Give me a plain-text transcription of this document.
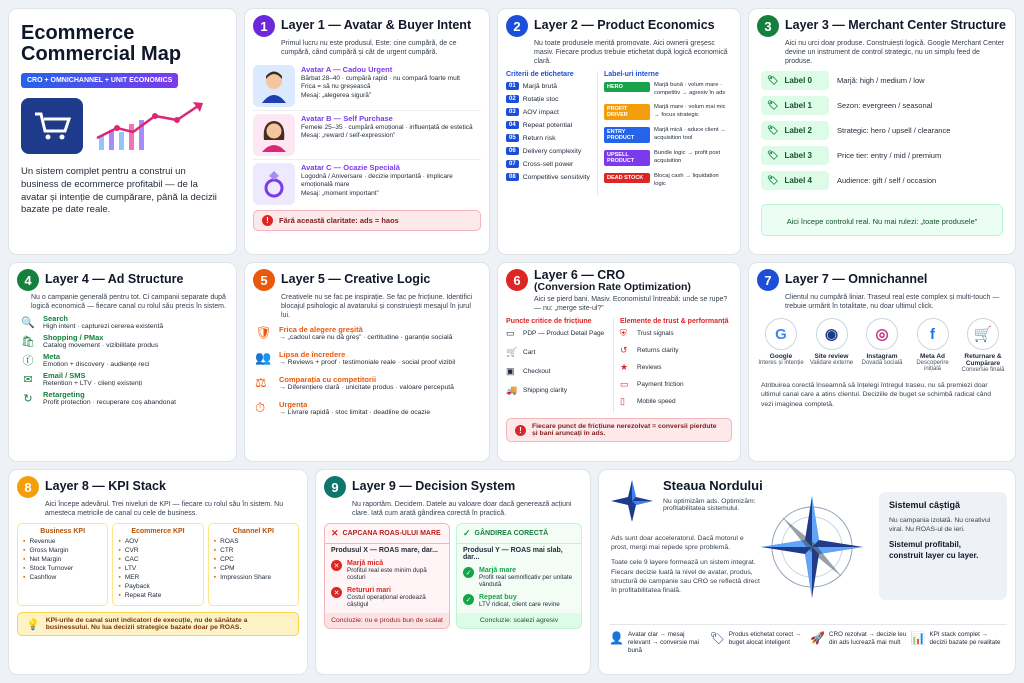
Ecommerce Commercial Map
CRO + OMNICHANNEL + UNIT ECONOMICS
Un sistem complet pentru a construi un business de ecommerce profitabil — de la avatar și intenție de cumpărare, până la decizii bazate pe date reale.
1	Layer 1 — Avatar & Buyer Intent
Primul lucru nu este produsul. Este: cine cumpără, de ce cumpără, când cumpără și cât de urgent cumpără.
Avatar A — Cadou Urgent
Bărbat 28–40 · cumpără rapid · nu compară foarte mult
Frica = să nu greșească
Mesaj: „alegerea sigură”
Avatar B — Self Purchase
Femeie 25–35 · cumpără emoțional · influențată de estetică
Mesaj: „reward / self-expression”
Avatar C — Ocazie Specială
Logodnă / Aniversare · decizie importantă · implicare emoțională mare
Mesaj: „moment important”
!	Fără această claritate: ads = haos
2	Layer 2 — Product Economics
Nu toate produsele merită promovate. Aici ownerii greșesc masiv. Fiecare produs trebuie etichetat după logică economică clară.
Criterii de etichetare
01	Marjă brută
02	Rotație stoc
03	AOV impact
04	Repeat potential
05	Return risk
06	Delivery complexity
07	Cross-sell power
08	Competitive sensitivity
Label-uri interne
HERO	Marjă bună · volum mare · competitiv → agresiv în ads
PROFIT DRIVER
Marjă mare · volum mai mic → focus strategic
ENTRY PRODUCT
Marjă mică · aduce client → acquisition tool
UPSELL PRODUCT
Bundle logic → profit post acquisition
DEAD STOCK	Blocaj cash → liquidation logic
3	Layer 3 — Merchant Center Structure
Aici nu urci doar produse. Construiești logică. Google Merchant Center devine un instrument de control strategic, nu un simplu feed de produse.
🏷 Label 0	Marjă: high / medium / low
🏷 Label 1	Sezon: evergreen / seasonal
🏷 Label 2	Strategic: hero / upsell / clearance
🏷 Label 3	Price tier: entry / mid / premium
🏷 Label 4	Audience: gift / self / occasion
Aici începe controlul real. Nu mai rulezi: „toate produsele”
4	Layer 4 — Ad Structure
Nu o campanie generală pentru tot. Ci campanii separate după logică economică — fiecare canal cu rolul său precis în sistem.
🔍 Search
High intent · capturezi cererea existentă
🛍 Shopping / PMax
Catalog movement · vizibilitate produs
ⓕ Meta
Emotion + discovery · audiențe reci
✉	Email / SMS
Retention + LTV · clienți existenți
↻	Retargeting
Profit protection · recuperare coș abandonat
5	Layer 5 — Creative Logic
Creativele nu se fac pe inspirație. Se fac pe fricțiune. Identifici blocajul psihologic al avatarului și construiești mesajul în jurul lui.
🛡 Frica de alegere greșită
→ „cadoul care nu dă greș” · certitudine · garanție socială
👥 Lipsa de încredere
→ Reviews + proof · testimoniale reale · social proof vizibil
⚖	Comparația cu competitorii
→ Diferențiere clară · unicitate produs · valoare percepută
⏱	Urgența
→ Livrare rapidă · stoc limitat · deadline de ocazie
6	Layer 6 — CRO
(Conversion Rate Optimization)
Aici se pierd bani. Masiv. Economistul întreabă: unde se rupe? — nu: „merge site-ul?”
Puncte critice de fricțiune
▭	PDP — Product Detail Page
🛒 Cart
▣	Checkout
🚚 Shipping clarity
Elemente de trust & performanță
⛨	Trust signals
↺	Returns clarity
★	Reviews
▭	Payment friction
▯	Mobile speed
!	Fiecare punct de fricțiune nerezolvat = conversii pierdute și bani aruncați în ads.
7	Layer 7 — Omnichannel
Clientul nu cumpără liniar. Traseul real este complex și multi-touch — trebuie urmărit în totalitate, nu doar ultimul click.
G
Google
Interes și intenție
◉
Site review
Validare externe
◎
Instagram
Dovadă socială
f
Meta Ad
Descoperire inițială
🛒
Returnare & Cumpărare
Conversie finală
Atribuirea corectă înseamnă să înțelegi întregul traseu, nu să premiezi doar ultimul canal care a atins clientul. Deciziile de buget se schimbă radical când vezi imaginea completă.
8	Layer 8 — KPI Stack
Aici începe adevărul. Trei niveluri de KPI — fiecare cu rolul său în sistem. Nu amesteca metricile de canal cu cele de business.
Business KPI
▪ Revenue
▪ Gross Margin
▪ Net Margin
▪ Stock Turnover
▪ Cashflow
Ecommerce KPI
▪ AOV
▪ CVR
▪ CAC
▪ LTV
▪ MER
▪ Payback
▪ Repeat Rate
Channel KPI
▪ ROAS
▪ CTR
▪ CPC
▪ CPM
▪ Impression Share
💡 KPI-urile de canal sunt indicatori de execuție, nu de sănătate a businessului. Nu lua decizii strategice bazate doar pe ROAS.
9	Layer 9 — Decision System
Nu raportăm. Decidem. Datele au valoare doar dacă generează acțiuni clare. Iată cum arată gândirea corectă în practică.
✕ CAPCANA ROAS-ULUI MARE
Produsul X — ROAS mare, dar...
✕	Marjă mică
Profitul real este minim după costuri
✕	Retururi mari
Costul operațional erodează câștigul
Concluzie: nu e produs bun de scalat
✓ GÂNDIREA CORECTĂ
Produsul Y — ROAS mai slab, dar...
✓	Marjă mare
Profit real semnificativ per unitate vândută
✓	Repeat buy
LTV ridicat, client care revine
Concluzie: scalezi agresiv
Steaua Nordului
Nu optimizăm ads. Optimizăm: profitabilitatea sistemului.
Ads sunt doar acceleratorul. Dacă motorul e prost, mergi mai repede spre problemă.
Toate cele 9 layere formează un sistem integrat. Fiecare decizie luată la nivel de avatar, produs, structură de campanie sau CRO se reflectă direct în profitabilitatea finală.
Sistemul câștigă
Nu campania izolată. Nu creativul viral. Nu ROAS-ul de ieri.
Sistemul profitabil, construit layer cu layer.
👤 Avatar clar → mesaj relevant → conversie mai bună
🏷 Produs etichetat corect → buget alocat inteligent	🚀 CRO rezolvat → decizie leu din ads lucrează mai mult 📊 KPI stack complet → decizii bazate pe realitate
